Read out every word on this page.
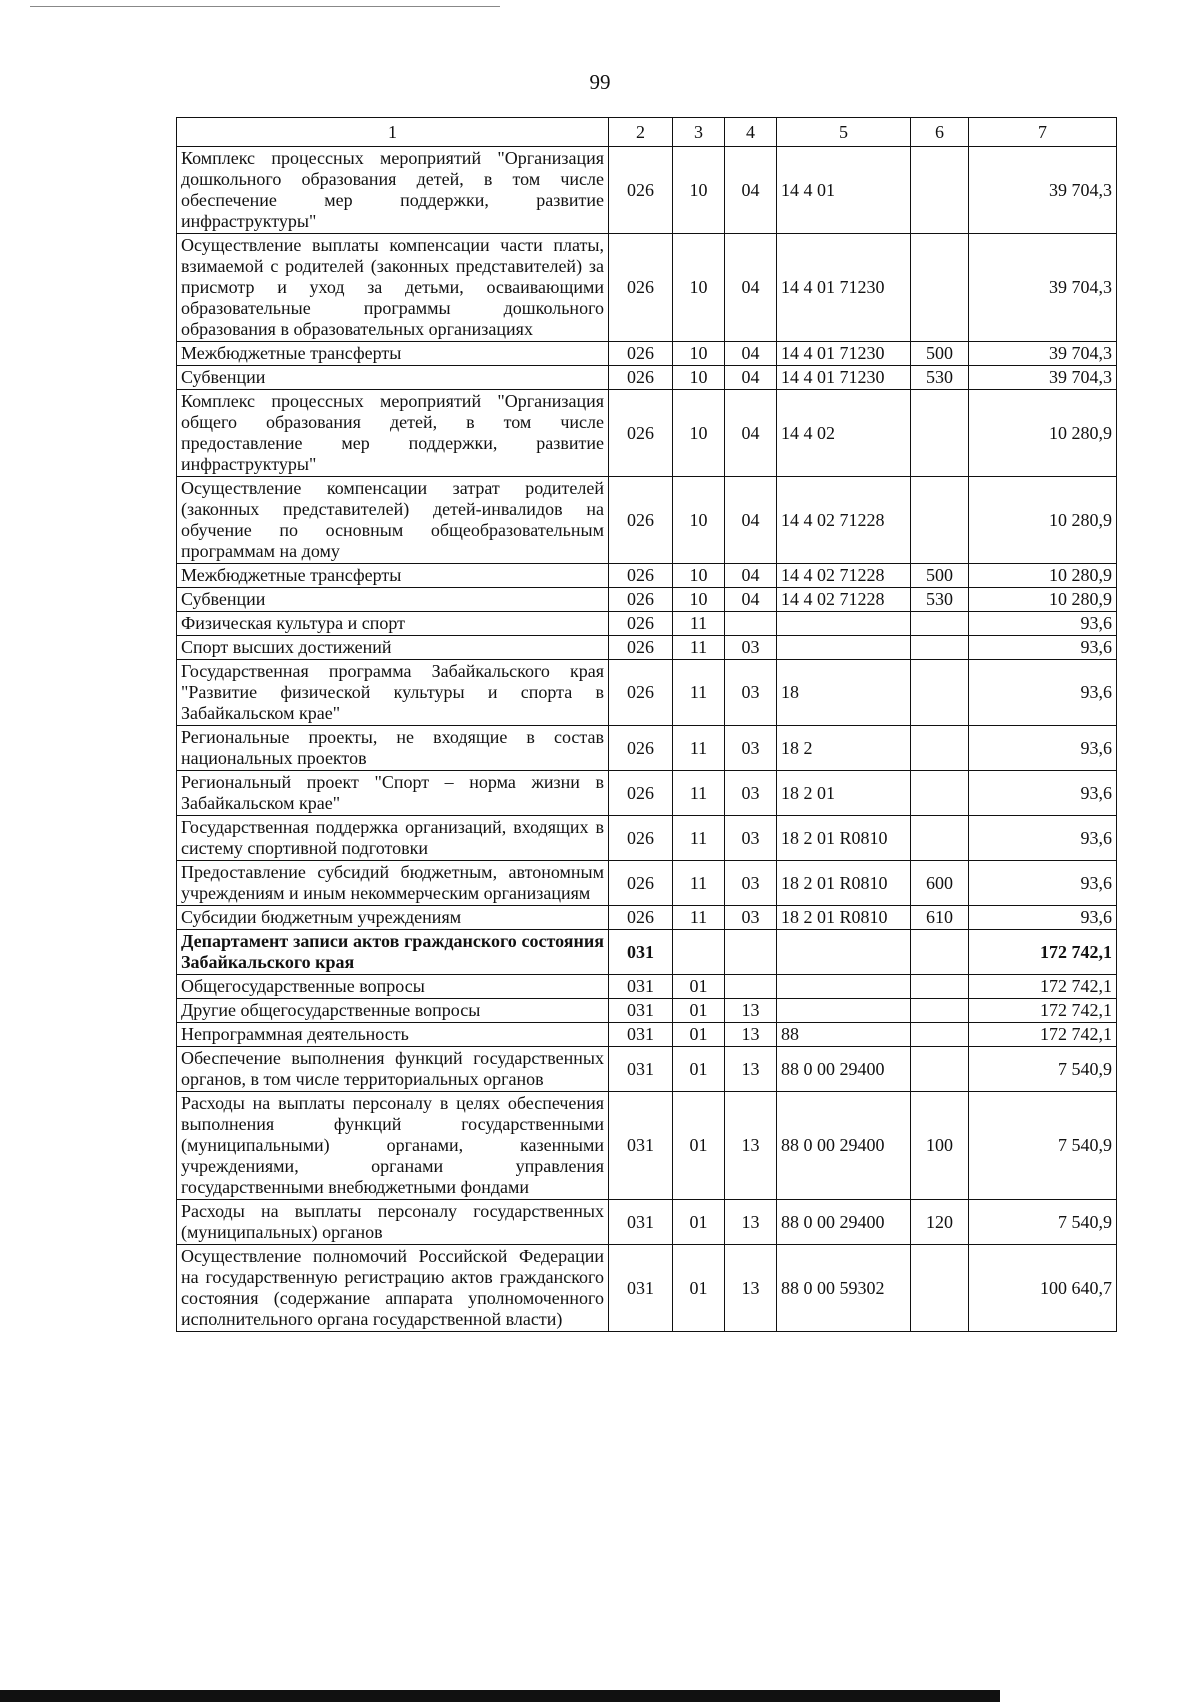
99
1	2	3	4	5	6	7
Комплекс процессных мероприятий "Организация дошкольного образования детей, в том числе обеспечение мер поддержки, развитие инфраструктуры"	026	10	04	14 4 01		39 704,3
Осуществление выплаты компенсации части платы, взимаемой с родителей (законных представителей) за присмотр и уход за детьми, осваивающими образовательные программы дошкольного образования в образовательных организациях	026	10	04	14 4 01 71230		39 704,3
Межбюджетные трансферты	026	10	04	14 4 01 71230	500	39 704,3
Субвенции	026	10	04	14 4 01 71230	530	39 704,3
Комплекс процессных мероприятий "Организация общего образования детей, в том числе предоставление мер поддержки, развитие инфраструктуры"	026	10	04	14 4 02		10 280,9
Осуществление компенсации затрат родителей (законных представителей) детей-инвалидов на обучение по основным общеобразовательным программам на дому	026	10	04	14 4 02 71228		10 280,9
Межбюджетные трансферты	026	10	04	14 4 02 71228	500	10 280,9
Субвенции	026	10	04	14 4 02 71228	530	10 280,9
Физическая культура и спорт	026	11				93,6
Спорт высших достижений	026	11	03			93,6
Государственная программа Забайкальского края "Развитие физической культуры и спорта в Забайкальском крае"	026	11	03	18		93,6
Региональные проекты, не входящие в состав национальных проектов	026	11	03	18 2		93,6
Региональный проект "Спорт – норма жизни в Забайкальском крае"	026	11	03	18 2 01		93,6
Государственная поддержка организаций, входящих в систему спортивной подготовки	026	11	03	18 2 01 R0810		93,6
Предоставление субсидий бюджетным, автономным учреждениям и иным некоммерческим организациям	026	11	03	18 2 01 R0810	600	93,6
Субсидии бюджетным учреждениям	026	11	03	18 2 01 R0810	610	93,6
Департамент записи актов гражданского состояния Забайкальского края	031					172 742,1
Общегосударственные вопросы	031	01				172 742,1
Другие общегосударственные вопросы	031	01	13			172 742,1
Непрограммная деятельность	031	01	13	88		172 742,1
Обеспечение выполнения функций государственных органов, в том числе территориальных органов	031	01	13	88 0 00 29400		7 540,9
Расходы на выплаты персоналу в целях обеспечения выполнения функций государственными (муниципальными) органами, казенными учреждениями, органами управления государственными внебюджетными фондами	031	01	13	88 0 00 29400	100	7 540,9
Расходы на выплаты персоналу государственных (муниципальных) органов	031	01	13	88 0 00 29400	120	7 540,9
Осуществление полномочий Российской Федерации на государственную регистрацию актов гражданского состояния (содержание аппарата уполномоченного исполнительного органа государственной власти)	031	01	13	88 0 00 59302		100 640,7
